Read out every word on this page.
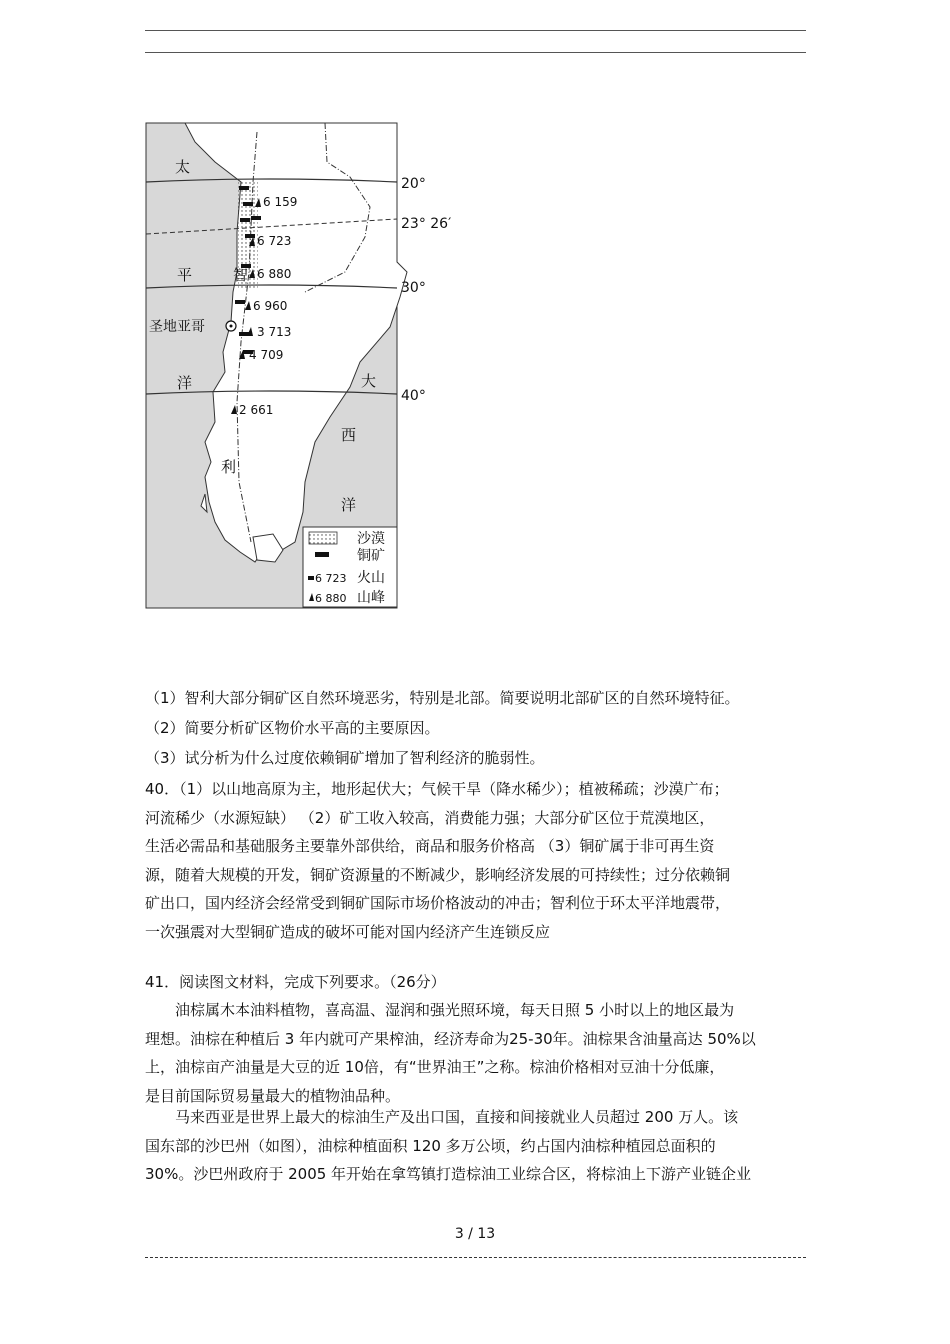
太
平
洋	大
西
洋
智
利
圣地亚哥
20°
23° 26′
30°
40°
6 159
6 723
6 880
6 960
3 713
4 709
2 661
沙漠
铜矿
6 723 火山
6 880 山峰
（1）智利大部分铜矿区自然环境恶劣，特别是北部。简要说明北部矿区的自然环境特征。
（2）简要分析矿区物价水平高的主要原因。
（3）试分析为什么过度依赖铜矿增加了智利经济的脆弱性。
40．（1）以山地高原为主，地形起伏大；气候干旱（降水稀少）；植被稀疏；沙漠广布；
河流稀少（水源短缺） （2）矿工收入较高，消费能力强；大部分矿区位于荒漠地区，
生活必需品和基础服务主要靠外部供给，商品和服务价格高 （3）铜矿属于非可再生资
源，随着大规模的开发，铜矿资源量的不断减少，影响经济发展的可持续性；过分依赖铜
矿出口，国内经济会经常受到铜矿国际市场价格波动的冲击；智利位于环太平洋地震带，
一次强震对大型铜矿造成的破坏可能对国内经济产生连锁反应
41．阅读图文材料，完成下列要求。（26分）
油棕属木本油料植物，喜高温、湿润和强光照环境，每天日照 5 小时以上的地区最为
理想。油棕在种植后 3 年内就可产果榨油，经济寿命为25-30年。油棕果含油量高达 50%以
上，油棕亩产油量是大豆的近 10倍，有“世界油王”之称。棕油价格相对豆油十分低廉，
是目前国际贸易量最大的植物油品种。
马来西亚是世界上最大的棕油生产及出口国，直接和间接就业人员超过 200 万人。该
国东部的沙巴州（如图），油棕种植面积 120 多万公顷，约占国内油棕种植园总面积的
30%。沙巴州政府于 2005 年开始在拿笃镇打造棕油工业综合区，将棕油上下游产业链企业
3 / 13
